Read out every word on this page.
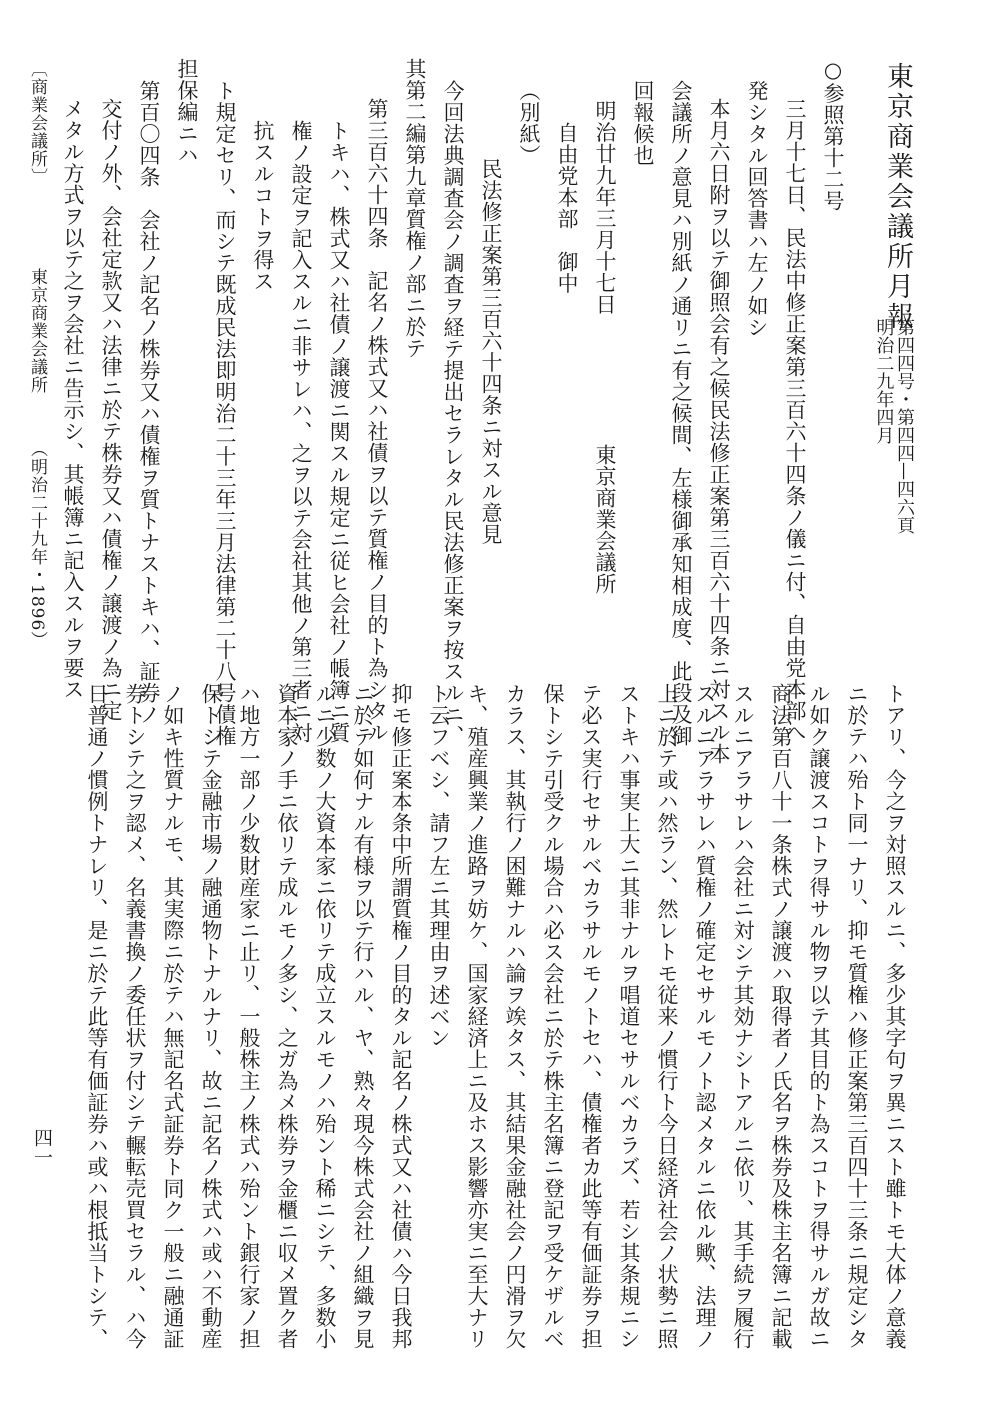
東京商業会議所月報
第四四号・第四四—四六頁
明治二九年四月
○参照第十二号
三月十七日、民法中修正案第三百六十四条ノ儀ニ付、自由党本部へ
発シタル回答書ハ左ノ如シ
本月六日附ヲ以テ御照会有之候民法修正案第三百六十四条ニ対スル本
会議所ノ意見ハ別紙ノ通リニ有之候間、左様御承知相成度、此段及御
回報候也
明治廿九年三月十七日　　　　　　東京商業会議所
自由党本部　御中
（別紙）
民法修正案第三百六十四条ニ対スル意見
今回法典調査会ノ調査ヲ経テ提出セラレタル民法修正案ヲ按スルニ、
其第二編第九章質権ノ部ニ於テ
第三百六十四条　記名ノ株式又ハ社債ヲ以テ質権ノ目的ト為シタル
トキハ、株式又ハ社債ノ譲渡ニ関スル規定ニ従ヒ会社ノ帳簿ニ質
権ノ設定ヲ記入スルニ非サレハ、之ヲ以テ会社其他ノ第三者ニ対
抗スルコトヲ得ス
ト規定セリ、而シテ既成民法即明治二十三年三月法律第二十八号債権
担保編ニハ
第百〇四条　会社ノ記名ノ株券又ハ債権ヲ質トナストキハ、証券ノ
交付ノ外、会社定款又ハ法律ニ於テ株券又ハ債権ノ譲渡ノ為ニ定
メタル方式ヲ以テ之ヲ会社ニ告示シ、其帳簿ニ記入スルヲ要ス
〔商業会議所〕
東京商業会議所
（明治二十九年・1896）
トアリ、今之ヲ対照スルニ、多少其字句ヲ異ニスト雖トモ大体ノ意義
ニ於テハ殆ト同一ナリ、抑モ質権ハ修正案第三百四十三条ニ規定シタ
ル如ク譲渡スコトヲ得サル物ヲ以テ其目的ト為スコトヲ得サルガ故ニ
商法第百八十一条株式ノ譲渡ハ取得者ノ氏名ヲ株券及株主名簿ニ記載
スルニアラサレハ会社ニ対シテ其効ナシトアルニ依リ、其手続ヲ履行
スルニアラサレハ質権ノ確定セサルモノト認メタルニ依ル歟、法理ノ
上ニ於テ或ハ然ラン、然レトモ従来ノ慣行ト今日経済社会ノ状勢ニ照
ストキハ事実上大ニ其非ナルヲ唱道セサルベカラズ、若シ其条規ニシ
テ必ス実行セサルベカラサルモノトセハ、債権者カ此等有価証券ヲ担
保トシテ引受クル場合ハ必ス会社ニ於テ株主名簿ニ登記ヲ受ケザルベ
カラス、其執行ノ困難ナルハ論ヲ竢タス、其結果金融社会ノ円滑ヲ欠
キ、殖産興業ノ進路ヲ妨ケ、国家経済上ニ及ホス影響亦実ニ至大ナリ
ト云フベシ、請フ左ニ其理由ヲ述ベン
抑モ修正案本条中所謂質権ノ目的タル記名ノ株式又ハ社債ハ今日我邦
ニ於テ如何ナル有様ヲ以テ行ハル、ヤ、熟々現今株式会社ノ組織ヲ見
ルニ少数ノ大資本家ニ依リテ成立スルモノハ殆ント稀ニシテ、多数小
資本家ノ手ニ依リテ成ルモノ多シ、之ガ為メ株券ヲ金櫃ニ収メ置ク者
ハ地方一部ノ少数財産家ニ止リ、一般株主ノ株式ハ殆ント銀行家ノ担
保トシテ金融市場ノ融通物トナルナリ、故ニ記名ノ株式ハ或ハ不動産
ノ如キ性質ナルモ、其実際ニ於テハ無記名式証券ト同ク一般ニ融通証
券トシテ之ヲ認メ、名義書換ノ委任状ヲ付シテ輾転売買セラル、ハ今
日普通ノ慣例トナレリ、是ニ於テ此等有価証券ハ或ハ根抵当トシテ、
四一
